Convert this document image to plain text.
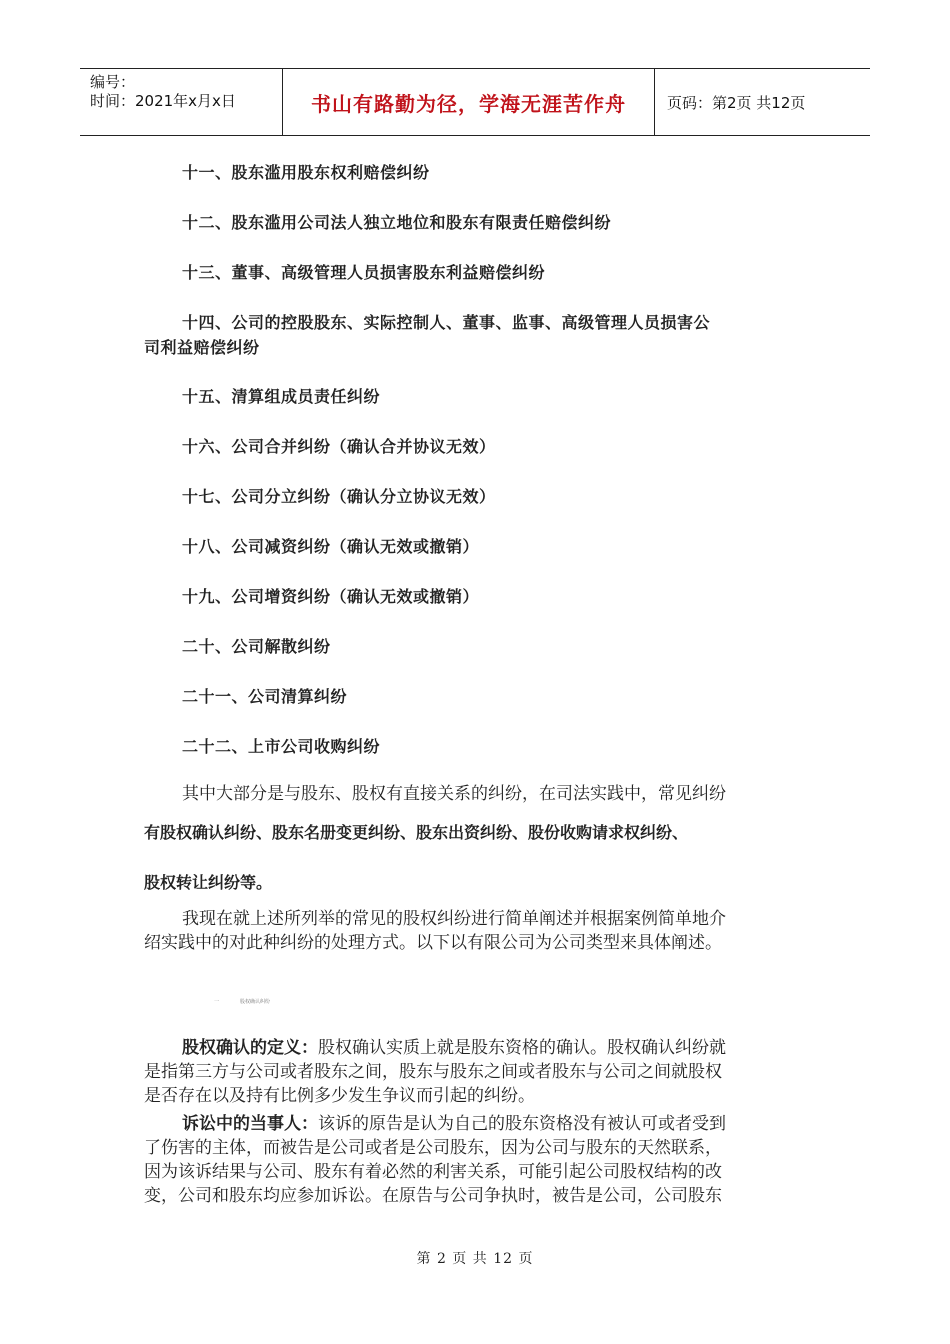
编号：
时间：2021年x月x日	书山有路勤为径，学海无涯苦作舟	页码：第2页 共12页
十一、股东滥用股东权利赔偿纠纷
十二、股东滥用公司法人独立地位和股东有限责任赔偿纠纷
十三、董事、高级管理人员损害股东利益赔偿纠纷
十四、公司的控股股东、实际控制人、董事、监事、高级管理人员损害公
司利益赔偿纠纷
十五、清算组成员责任纠纷
十六、公司合并纠纷（确认合并协议无效）
十七、公司分立纠纷（确认分立协议无效）
十八、公司减资纠纷（确认无效或撤销）
十九、公司增资纠纷（确认无效或撤销）
二十、公司解散纠纷
二十一、公司清算纠纷
二十二、上市公司收购纠纷
其中大部分是与股东、股权有直接关系的纠纷，在司法实践中，常见纠纷
有股权确认纠纷、股东名册变更纠纷、股东出资纠纷、股份收购请求权纠纷、
股权转让纠纷等。
我现在就上述所列举的常见的股权纠纷进行简单阐述并根据案例简单地介
绍实践中的对此种纠纷的处理方式。以下以有限公司为公司类型来具体阐述。
一	股权确认纠纷
股权确认的定义：股权确认实质上就是股东资格的确认。股权确认纠纷就
是指第三方与公司或者股东之间，股东与股东之间或者股东与公司之间就股权
是否存在以及持有比例多少发生争议而引起的纠纷。
诉讼中的当事人：该诉的原告是认为自己的股东资格没有被认可或者受到
了伤害的主体，而被告是公司或者是公司股东，因为公司与股东的天然联系，
因为该诉结果与公司、股东有着必然的利害关系，可能引起公司股权结构的改
变，公司和股东均应参加诉讼。在原告与公司争执时，被告是公司，公司股东
第 2 页 共 12 页
